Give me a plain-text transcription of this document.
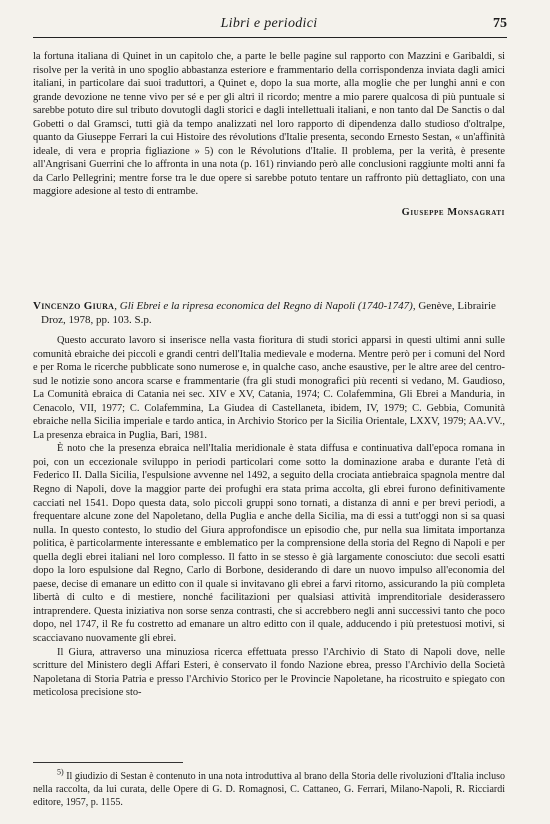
Libri e periodici	75

la fortuna italiana di Quinet in un capitolo che, a parte le belle pagine sul rapporto con Mazzini e Garibaldi, si risolve per la verità in uno spoglio abbastanza esteriore e frammentario della corrispondenza inviata dagli amici italiani, in particolare dai suoi traduttori, a Quinet e, dopo la sua morte, alla moglie che per lunghi anni e con grande devozione ne tenne vivo per sé e per gli altri il ricordo; mentre a mio parere qualcosa di più puntuale si sarebbe potuto dire sul tributo dovutogli dagli storici e dagli intellettuali italiani, e non tanto dal De Sanctis o dal Gobetti o dal Gramsci, tutti già da tempo analizzati nel loro rapporto di dipendenza dallo studioso d'oltralpe, quanto da Giuseppe Ferrari la cui Histoire des révolutions d'Italie presenta, secondo Ernesto Sestan, « un'affinità ideale, di vera e propria figliazione » 5) con le Révolutions d'Italie. Il problema, per la verità, è presente all'Angrisani Guerrini che lo affronta in una nota (p. 161) rinviando però alle conclusioni raggiunte molti anni fa da Carlo Pellegrini; mentre forse tra le due opere si sarebbe potuto tentare un raffronto più dettagliato, con una maggiore adesione al testo di entrambe.

Giuseppe Monsagrati

Vincenzo Giura, Gli Ebrei e la ripresa economica del Regno di Napoli (1740-1747), Genève, Librairie Droz, 1978, pp. 103. S.p.

Questo accurato lavoro si inserisce nella vasta fioritura di studi storici apparsi in questi ultimi anni sulle comunità ebraiche dei piccoli e grandi centri dell'Italia medievale e moderna. Mentre però per i comuni del Nord e per Roma le ricerche pubblicate sono numerose e, in qualche caso, anche esaustive, per le altre aree del centro-sud le notizie sono ancora scarse e frammentarie (fra gli studi monografici più recenti si vedano, M. Gaudioso, La Comunità ebraica di Catania nei sec. XIV e XV, Catania, 1974; C. Colafemmina, Gli Ebrei a Manduria, in Cenacolo, VII, 1977; C. Colafemmina, La Giudea di Castellaneta, ibidem, IV, 1979; C. Gebbia, Comunità ebraiche nella Sicilia imperiale e tardo antica, in Archivio Storico per la Sicilia Orientale, LXXV, 1979; AA.VV., La presenza ebraica in Puglia, Bari, 1981.

È noto che la presenza ebraica nell'Italia meridionale è stata diffusa e continuativa dall'epoca romana in poi, con un eccezionale sviluppo in periodi particolari come sotto la dominazione araba e durante l'età di Federico II. Dalla Sicilia, l'espulsione avvenne nel 1492, a seguito della crociata antiebraica spagnola mentre dal Regno di Napoli, dove la maggior parte dei profughi era stata prima accolta, gli ebrei furono definitivamente cacciati nel 1541. Dopo questa data, solo piccoli gruppi sono tornati, a distanza di anni e per brevi periodi, a frequentare alcune zone del Napoletano, della Puglia e anche della Sicilia, ma di essi a tutt'oggi non si sa quasi nulla. In questo contesto, lo studio del Giura approfondisce un episodio che, pur nella sua limitata importanza politica, è particolarmente interessante e emblematico per la comprensione della storia del Regno di Napoli e per quella degli ebrei italiani nel loro complesso. Il fatto in se stesso è già largamente conosciuto: due secoli esatti dopo la loro espulsione dal Regno, Carlo di Borbone, desiderando di dare un nuovo impulso all'economia del paese, decise di emanare un editto con il quale si invitavano gli ebrei a farvi ritorno, assicurando la più completa libertà di culto e di mestiere, nonché facilitazioni per qualsiasi attività imprenditoriale desiderassero intraprendere. Questa iniziativa non sorse senza contrasti, che si accrebbero negli anni successivi tanto che poco dopo, nel 1747, il Re fu costretto ad emanare un altro editto con il quale, adducendo i più pretestuosi motivi, si scacciavano nuovamente gli ebrei.

Il Giura, attraverso una minuziosa ricerca effettuata presso l'Archivio di Stato di Napoli dove, nelle scritture del Ministero degli Affari Esteri, è conservato il fondo Nazione ebrea, presso l'Archivio della Società Napoletana di Storia Patria e presso l'Archivio Storico per le Provincie Napoletane, ha ricostruito e spiegato con meticolosa precisione sto-

$^{5)}$ Il giudizio di Sestan è contenuto in una nota introduttiva al brano della Storia delle rivoluzioni d'Italia incluso nella raccolta, da lui curata, delle Opere di G. D. Romagnosi, C. Cattaneo, G. Ferrari, Milano-Napoli, R. Ricciardi editore, 1957, p. 1155.
